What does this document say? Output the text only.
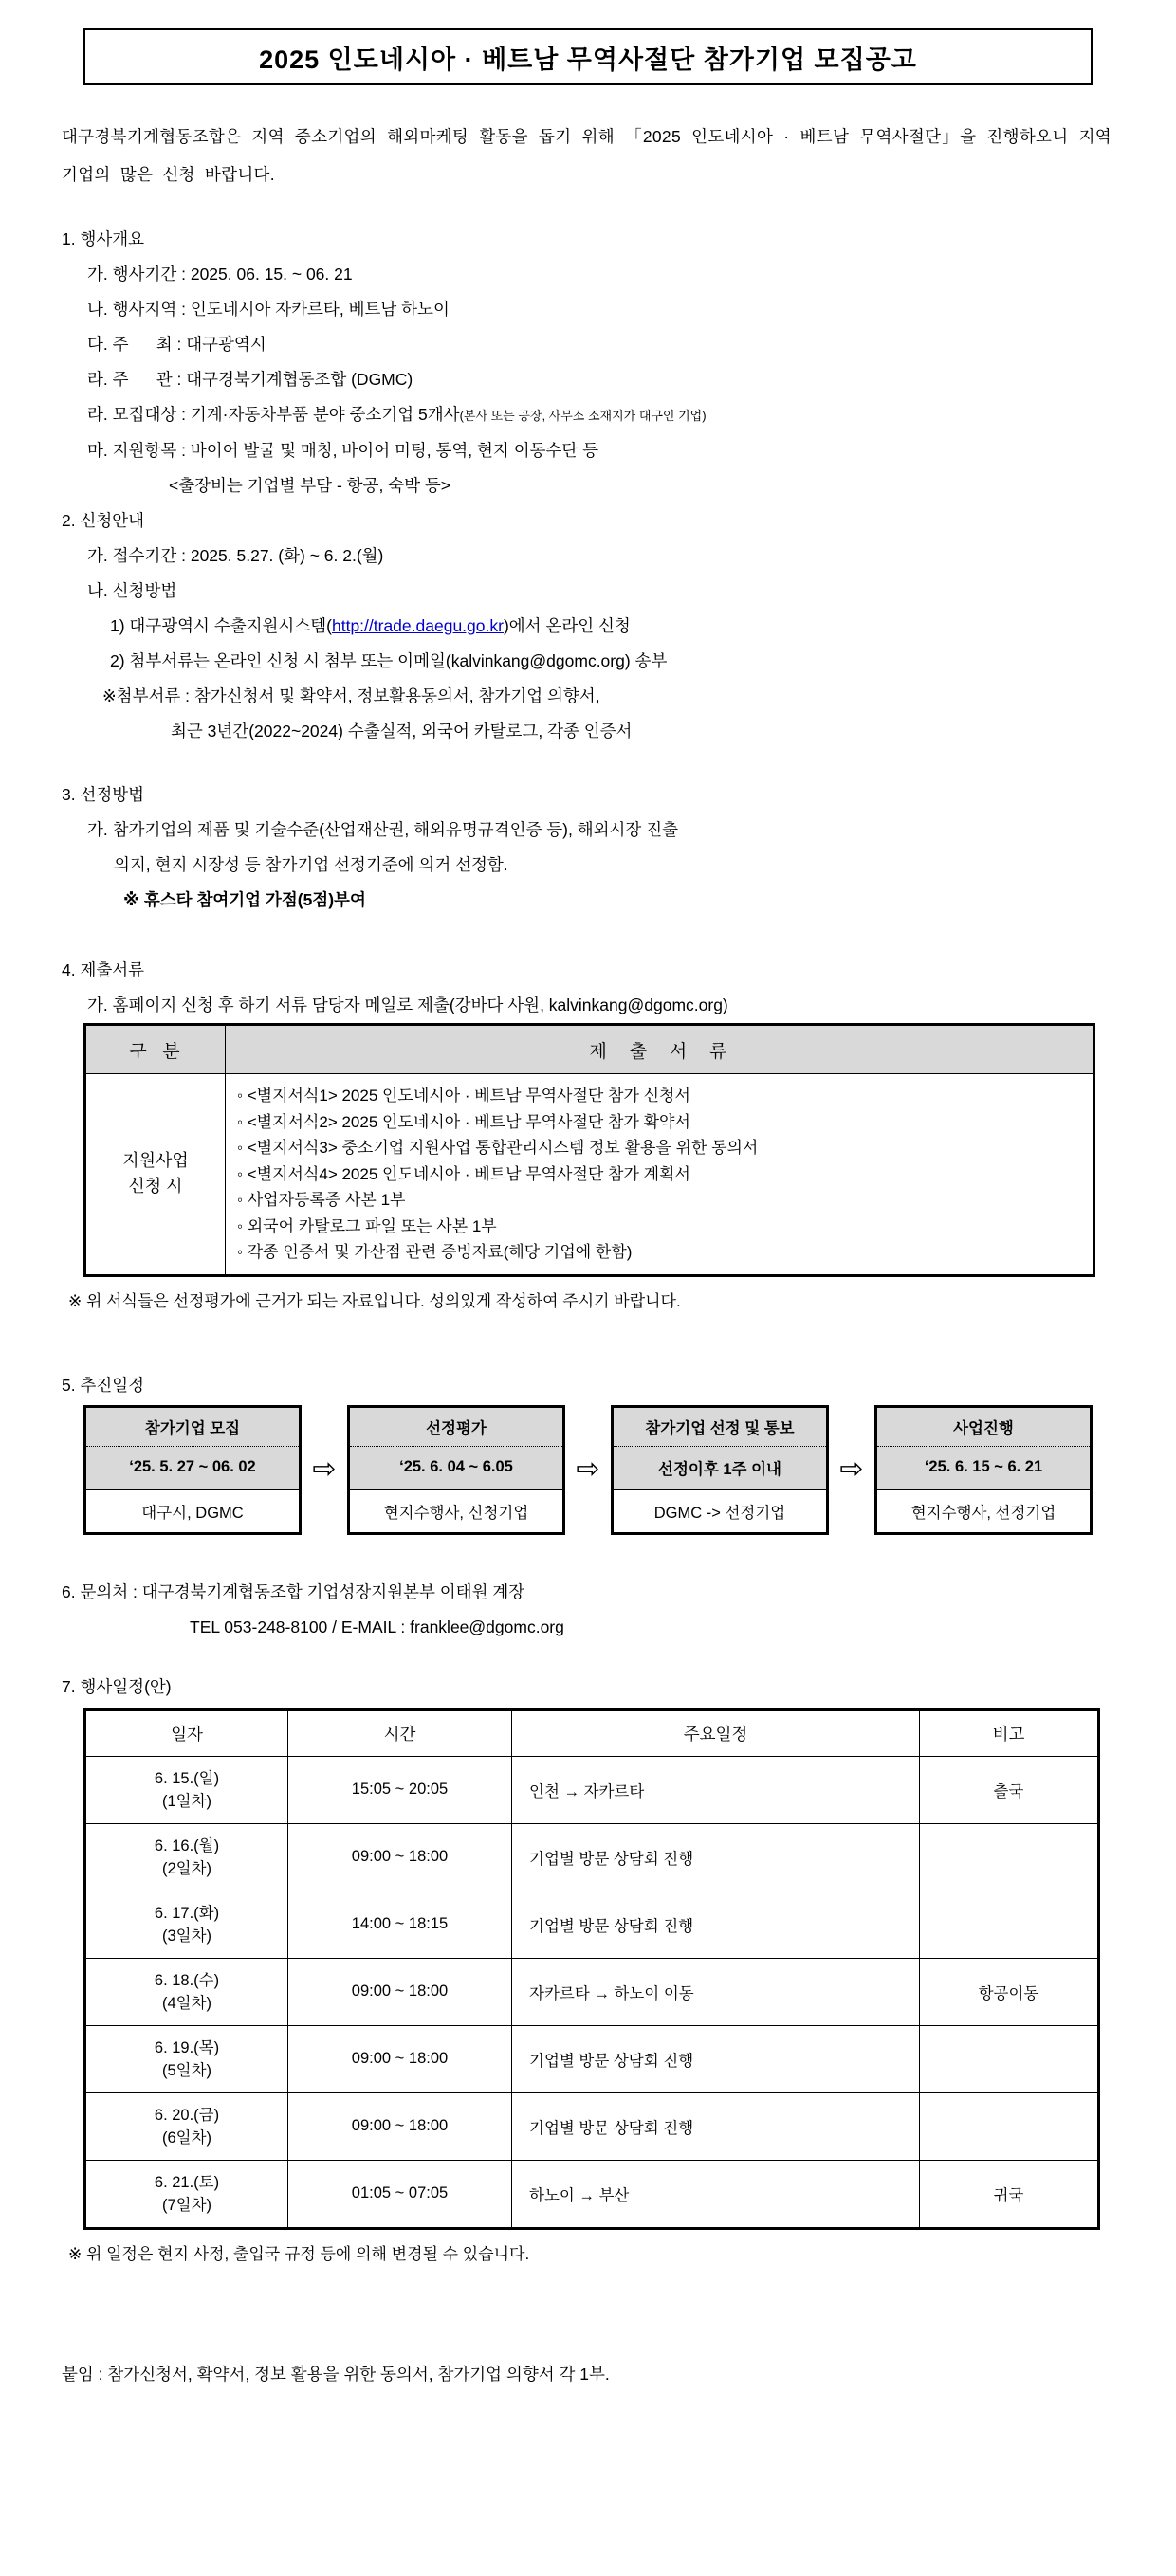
2025 인도네시아 · 베트남 무역사절단 참가기업 모집공고

대구경북기계협동조합은 지역 중소기업의 해외마케팅 활동을 돕기 위해 「2025 인도네시아 · 베트남 무역사절단」을 진행하오니 지역 기업의 많은 신청 바랍니다.

1. 행사개요
가. 행사기간 : 2025. 06. 15. ~ 06. 21
나. 행사지역 : 인도네시아 자카르타, 베트남 하노이
다. 주      최 : 대구광역시
라. 주      관 : 대구경북기계협동조합 (DGMC)
라. 모집대상 : 기계·자동차부품 분야 중소기업 5개사(본사 또는 공장, 사무소 소재지가 대구인 기업)
마. 지원항목 : 바이어 발굴 및 매칭, 바이어 미팅, 통역, 현지 이동수단 등
<출장비는 기업별 부담 - 항공, 숙박 등>
2. 신청안내
가. 접수기간 : 2025. 5.27. (화) ~ 6. 2.(월)
나. 신청방법
1) 대구광역시 수출지원시스템(http://trade.daegu.go.kr)에서 온라인 신청
2) 첨부서류는 온라인 신청 시 첨부 또는 이메일(kalvinkang@dgomc.org) 송부
※첨부서류 : 참가신청서 및 확약서, 정보활용동의서, 참가기업 의향서,
최근 3년간(2022~2024) 수출실적, 외국어 카탈로그, 각종 인증서
3. 선정방법
가. 참가기업의 제품 및 기술수준(산업재산권, 해외유명규격인증 등), 해외시장 진출
의지, 현지 시장성 등 참가기업 선정기준에 의거 선정함.
※ 휴스타 참여기업 가점(5점)부여
4. 제출서류
가. 홈페이지 신청 후 하기 서류 담당자 메일로 제출(강바다 사원, kalvinkang@dgomc.org)
구  분	제   출   서   류

지원사업
신청 시

◦ <별지서식1> 2025 인도네시아 · 베트남 무역사절단 참가 신청서
◦ <별지서식2> 2025 인도네시아 · 베트남 무역사절단 참가 확약서
◦ <별지서식3> 중소기업 지원사업 통합관리시스템 정보 활용을 위한 동의서
◦ <별지서식4> 2025 인도네시아 · 베트남 무역사절단 참가 계획서
◦ 사업자등록증 사본 1부
◦ 외국어 카탈로그 파일 또는 사본 1부
◦ 각종 인증서 및 가산점 관련 증빙자료(해당 기업에 한함)
※ 위 서식들은 선정평가에 근거가 되는 자료입니다. 성의있게 작성하여 주시기 바랍니다.
5. 추진일정
참가기업 모집
‘25. 5. 27 ~ 06. 02
대구시, DGMC
⇨
선정평가
‘25. 6. 04 ~ 6.05
현지수행사, 신청기업
⇨
참가기업 선정 및 통보
선정이후 1주 이내
DGMC -> 선정기업
⇨
사업진행
‘25. 6. 15 ~ 6. 21
현지수행사, 선정기업
6. 문의처 : 대구경북기계협동조합 기업성장지원본부 이태원 계장
TEL 053-248-8100 / E-MAIL : franklee@dgomc.org
7. 행사일정(안)
일자	시간	주요일정	비고

6. 15.(일)
(1일차)	15:05 ~ 20:05	인천 → 자카르타	출국

6. 16.(월)
(2일차)	09:00 ~ 18:00	기업별 방문 상담회 진행	

6. 17.(화)
(3일차)	14:00 ~ 18:15	기업별 방문 상담회 진행	

6. 18.(수)
(4일차)	09:00 ~ 18:00	자카르타 → 하노이 이동	항공이동

6. 19.(목)
(5일차)	09:00 ~ 18:00	기업별 방문 상담회 진행	

6. 20.(금)
(6일차)	09:00 ~ 18:00	기업별 방문 상담회 진행	

6. 21.(토)
(7일차)	01:05 ~ 07:05	하노이 → 부산	귀국
※ 위 일정은 현지 사정, 출입국 규정 등에 의해 변경될 수 있습니다.
붙임 : 참가신청서, 확약서, 정보 활용을 위한 동의서, 참가기업 의향서 각 1부.
